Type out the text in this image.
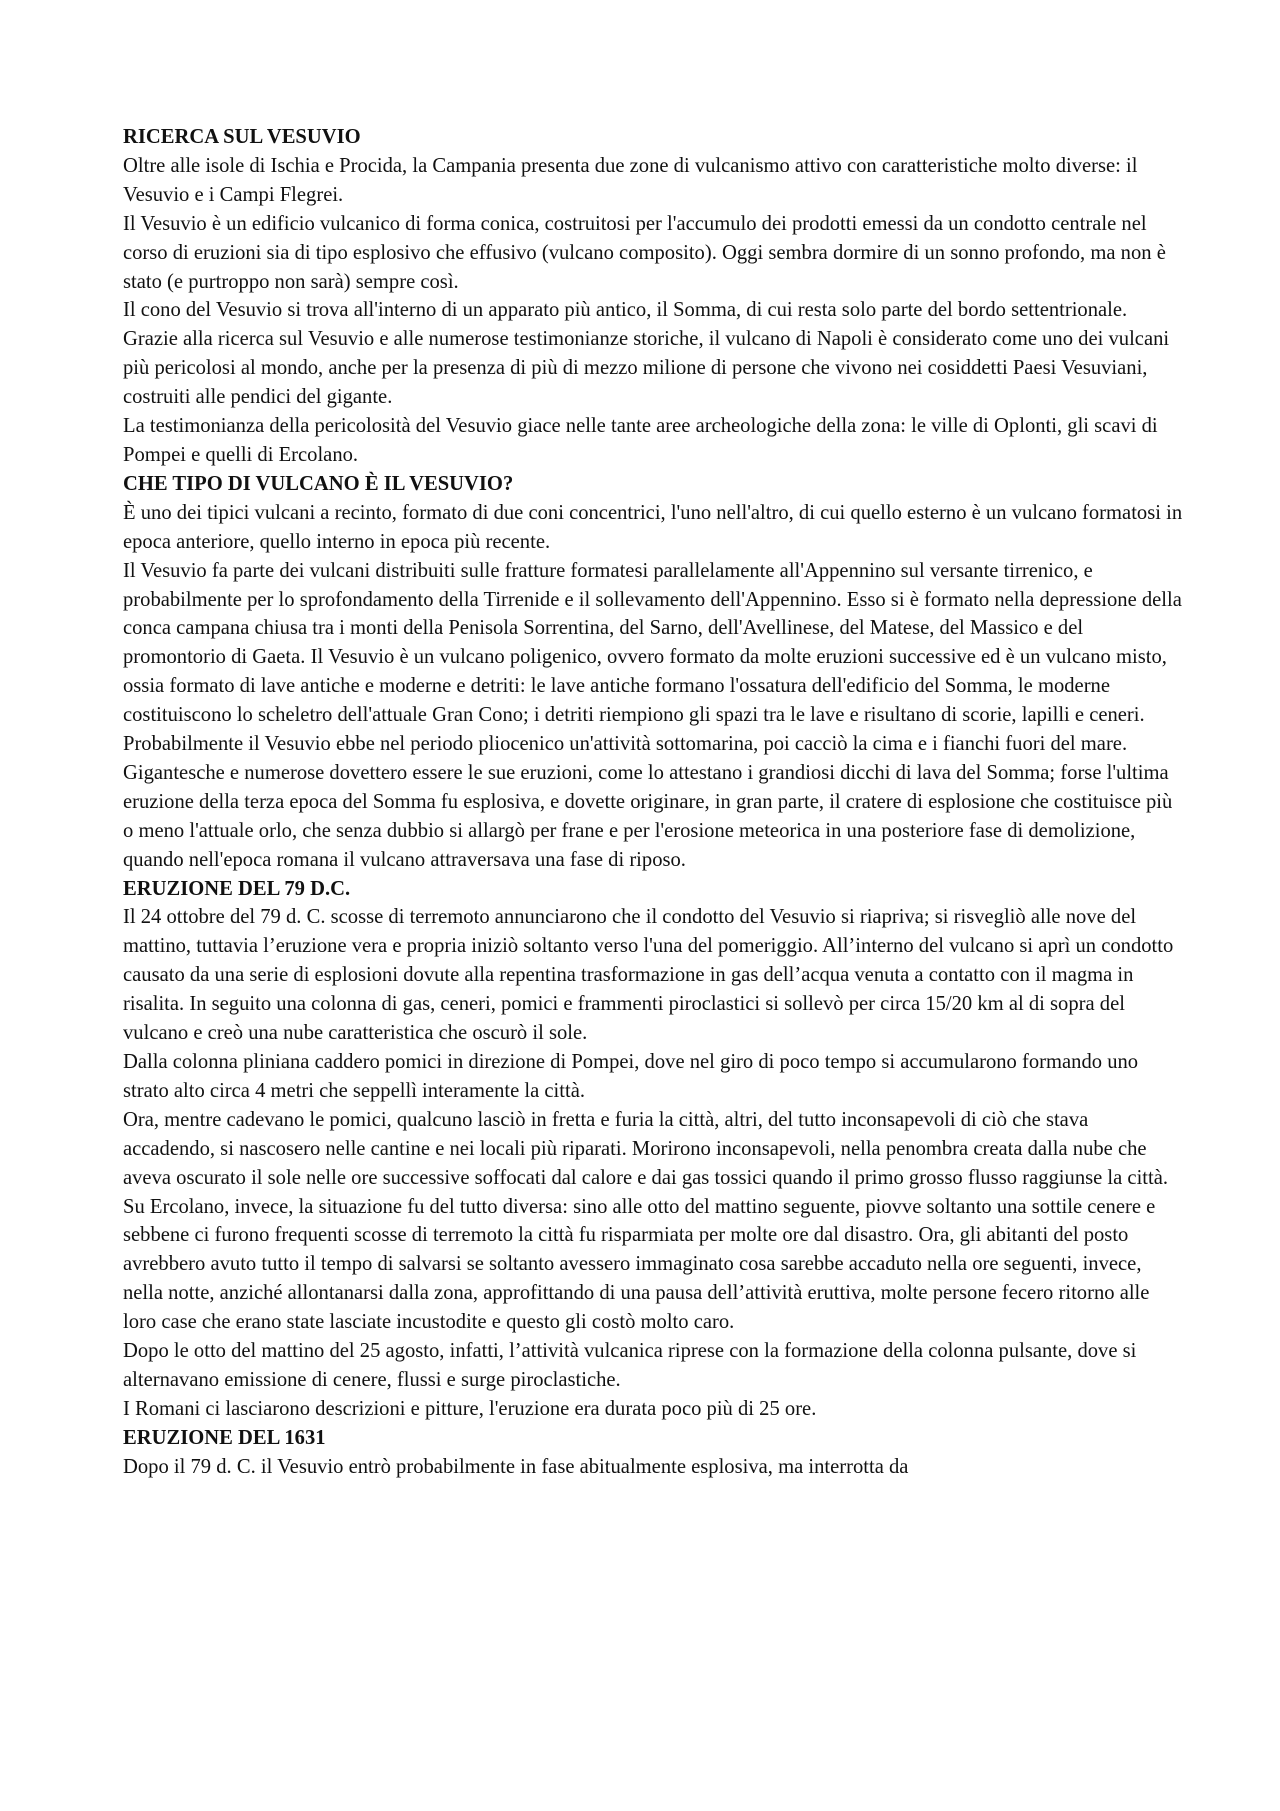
RICERCA SUL VESUVIO
Oltre alle isole di Ischia e Procida, la Campania presenta due zone di vulcanismo attivo con caratteristiche molto diverse: il Vesuvio e i Campi Flegrei.
Il Vesuvio è un edificio vulcanico di forma conica, costruitosi per l'accumulo dei prodotti emessi da un condotto centrale nel corso di eruzioni sia di tipo esplosivo che effusivo (vulcano composito). Oggi sembra dormire di un sonno profondo, ma non è stato (e purtroppo non sarà) sempre così.
Il cono del Vesuvio si trova all'interno di un apparato più antico, il Somma, di cui resta solo parte del bordo settentrionale.
Grazie alla ricerca sul Vesuvio e alle numerose testimonianze storiche, il vulcano di Napoli è considerato come uno dei vulcani più pericolosi al mondo, anche per la presenza di più di mezzo milione di persone che vivono nei cosiddetti Paesi Vesuviani, costruiti alle pendici del gigante.
La testimonianza della pericolosità del Vesuvio giace nelle tante aree archeologiche della zona: le ville di Oplonti, gli scavi di Pompei e quelli di Ercolano.
CHE TIPO DI VULCANO È IL VESUVIO?
È uno dei tipici vulcani a recinto, formato di due coni concentrici, l'uno nell'altro, di cui quello esterno è un vulcano formatosi in epoca anteriore, quello interno in epoca più recente.
Il Vesuvio fa parte dei vulcani distribuiti sulle fratture formatesi parallelamente all'Appennino sul versante tirrenico, e probabilmente per lo sprofondamento della Tirrenide e il sollevamento dell'Appennino. Esso si è formato nella depressione della conca campana chiusa tra i monti della Penisola Sorrentina, del Sarno, dell'Avellinese, del Matese, del Massico e del promontorio di Gaeta. Il Vesuvio è un vulcano poligenico, ovvero formato da molte eruzioni successive ed è un vulcano misto, ossia formato di lave antiche e moderne e detriti: le lave antiche formano l'ossatura dell'edificio del Somma, le moderne costituiscono lo scheletro dell'attuale Gran Cono; i detriti riempiono gli spazi tra le lave e risultano di scorie, lapilli e ceneri.
Probabilmente il Vesuvio ebbe nel periodo pliocenico un'attività sottomarina, poi cacciò la cima e i fianchi fuori del mare. Gigantesche e numerose dovettero essere le sue eruzioni, come lo attestano i grandiosi dicchi di lava del Somma; forse l'ultima eruzione della terza epoca del Somma fu esplosiva, e dovette originare, in gran parte, il cratere di esplosione che costituisce più o meno l'attuale orlo, che senza dubbio si allargò per frane e per l'erosione meteorica in una posteriore fase di demolizione, quando nell'epoca romana il vulcano attraversava una fase di riposo.
ERUZIONE DEL 79 D.C.
Il 24 ottobre del 79 d. C. scosse di terremoto annunciarono che il condotto del Vesuvio si riapriva; si risvegliò alle nove del mattino, tuttavia l’eruzione vera e propria iniziò soltanto verso l'una del pomeriggio. All’interno del vulcano si aprì un condotto causato da una serie di esplosioni dovute alla repentina trasformazione in gas dell’acqua venuta a contatto con il magma in risalita. In seguito una colonna di gas, ceneri, pomici e frammenti piroclastici si sollevò per circa 15/20 km al di sopra del vulcano e creò una nube caratteristica che oscurò il sole.
Dalla colonna pliniana caddero pomici in direzione di Pompei, dove nel giro di poco tempo si accumularono formando uno strato alto circa 4 metri che seppellì interamente la città.
Ora, mentre cadevano le pomici, qualcuno lasciò in fretta e furia la città, altri, del tutto inconsapevoli di ciò che stava accadendo, si nascosero nelle cantine e nei locali più riparati. Morirono inconsapevoli, nella penombra creata dalla nube che aveva oscurato il sole nelle ore successive soffocati dal calore e dai gas tossici quando il primo grosso flusso raggiunse la città.
Su Ercolano, invece, la situazione fu del tutto diversa: sino alle otto del mattino seguente, piovve soltanto una sottile cenere e sebbene ci furono frequenti scosse di terremoto la città fu risparmiata per molte ore dal disastro. Ora, gli abitanti del posto avrebbero avuto tutto il tempo di salvarsi se soltanto avessero immaginato cosa sarebbe accaduto nella ore seguenti, invece, nella notte, anziché allontanarsi dalla zona, approfittando di una pausa dell’attività eruttiva, molte persone fecero ritorno alle loro case che erano state lasciate incustodite e questo gli costò molto caro.
Dopo le otto del mattino del 25 agosto, infatti, l’attività vulcanica riprese con la formazione della colonna pulsante, dove si alternavano emissione di cenere, flussi e surge piroclastiche.
I Romani ci lasciarono descrizioni e pitture, l'eruzione era durata poco più di 25 ore.
ERUZIONE DEL 1631
Dopo il 79 d. C. il Vesuvio entrò probabilmente in fase abitualmente esplosiva, ma interrotta da
